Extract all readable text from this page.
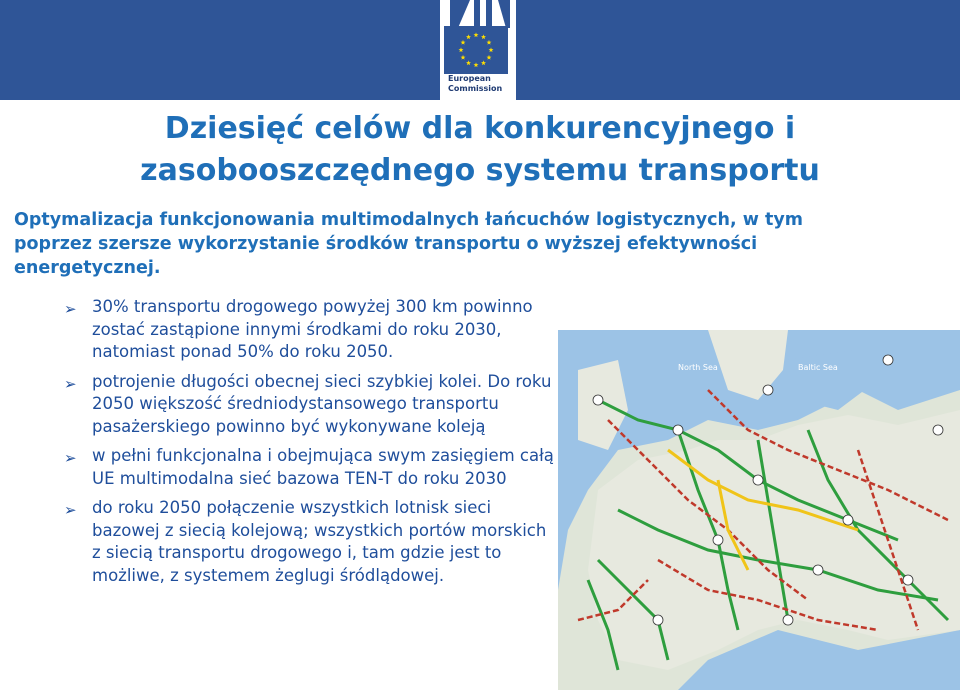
European
Commission
Dziesięć celów dla konkurencyjnego i zasobooszczędnego systemu transportu
Optymalizacja funkcjonowania multimodalnych łańcuchów logistycznych, w tym poprzez szersze wykorzystanie środków transportu o wyższej efektywności energetycznej.
➢ 30% transportu drogowego powyżej 300 km powinno zostać zastąpione innymi środkami do roku 2030, natomiast ponad 50% do roku 2050.
➢ potrojenie długości obecnej sieci szybkiej kolei. Do roku 2050 większość średniodystansowego transportu pasażerskiego powinno być wykonywane koleją
➢ w pełni funkcjonalna i obejmująca swym zasięgiem całą UE multimodalna sieć bazowa TEN-T do roku 2030
➢ do roku 2050 połączenie wszystkich lotnisk sieci bazowej z siecią kolejową; wszystkich portów morskich z siecią transportu drogowego i, tam gdzie jest to możliwe, z systemem żeglugi śródlądowej.
North Sea	Baltic Sea
